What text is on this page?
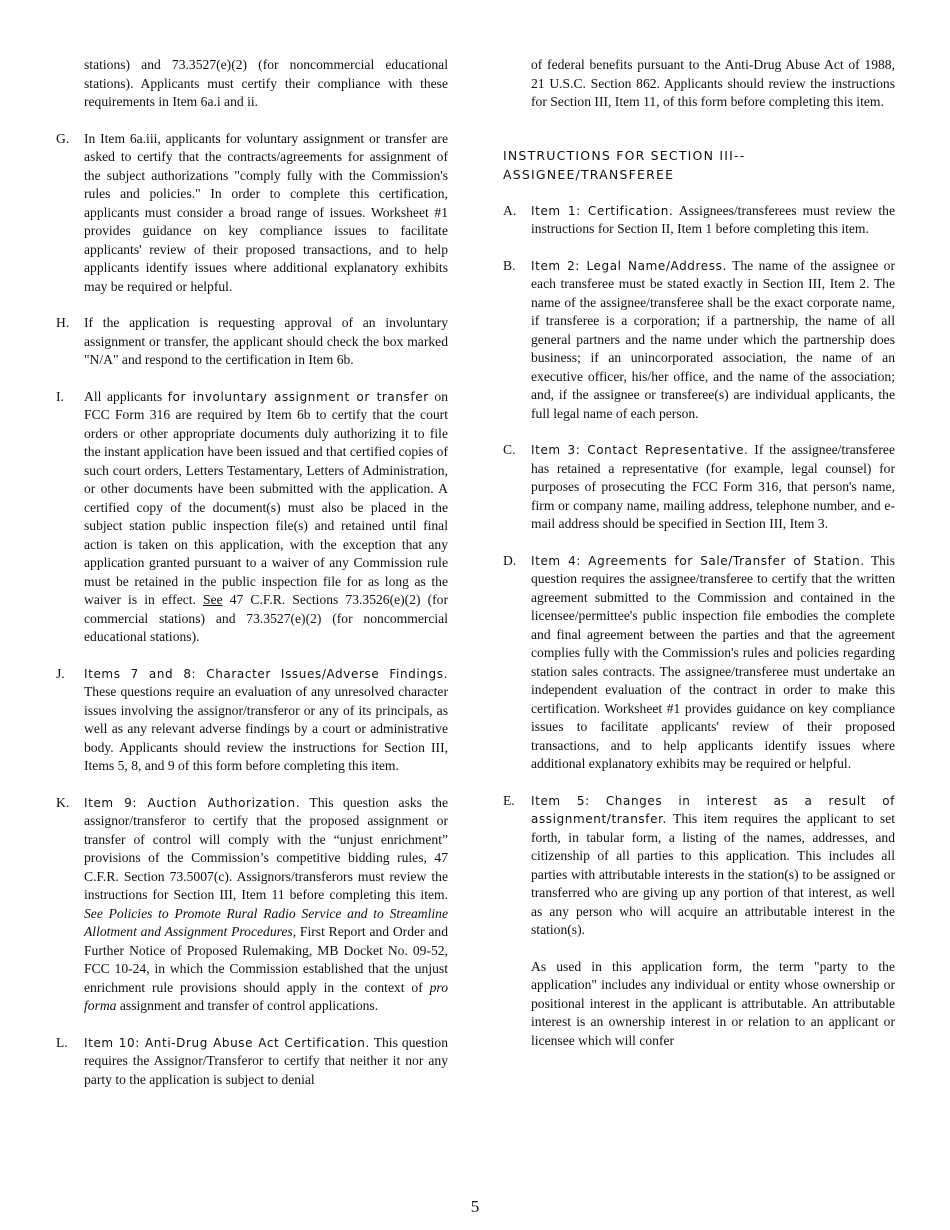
stations) and 73.3527(e)(2) (for noncommercial educational stations). Applicants must certify their compliance with these requirements in Item 6a.i and ii.
G. In Item 6a.iii, applicants for voluntary assignment or transfer are asked to certify that the contracts/agreements for assignment of the subject authorizations "comply fully with the Commission's rules and policies." In order to complete this certification, applicants must consider a broad range of issues. Worksheet #1 provides guidance on key compliance issues to facilitate applicants' review of their proposed transactions, and to help applicants identify issues where additional explanatory exhibits may be required or helpful.
H. If the application is requesting approval of an involuntary assignment or transfer, the applicant should check the box marked "N/A" and respond to the certification in Item 6b.
I. All applicants for involuntary assignment or transfer on FCC Form 316 are required by Item 6b to certify that the court orders or other appropriate documents duly authorizing it to file the instant application have been issued and that certified copies of such court orders, Letters Testamentary, Letters of Administration, or other documents have been submitted with the application. A certified copy of the document(s) must also be placed in the subject station public inspection file(s) and retained until final action is taken on this application, with the exception that any application granted pursuant to a waiver of any Commission rule must be retained in the public inspection file for as long as the waiver is in effect. See 47 C.F.R. Sections 73.3526(e)(2) (for commercial stations) and 73.3527(e)(2) (for noncommercial educational stations).
J. Items 7 and 8: Character Issues/Adverse Findings. These questions require an evaluation of any unresolved character issues involving the assignor/transferor or any of its principals, as well as any relevant adverse findings by a court or administrative body. Applicants should review the instructions for Section III, Items 5, 8, and 9 of this form before completing this item.
K. Item 9: Auction Authorization. This question asks the assignor/transferor to certify that the proposed assignment or transfer of control will comply with the “unjust enrichment” provisions of the Commission’s competitive bidding rules, 47 C.F.R. Section 73.5007(c). Assignors/transferors must review the instructions for Section III, Item 11 before completing this item. See Policies to Promote Rural Radio Service and to Streamline Allotment and Assignment Procedures, First Report and Order and Further Notice of Proposed Rulemaking, MB Docket No. 09-52, FCC 10-24, in which the Commission established that the unjust enrichment rule provisions should apply in the context of pro forma assignment and transfer of control applications.
L. Item 10: Anti-Drug Abuse Act Certification. This question requires the Assignor/Transferor to certify that neither it nor any party to the application is subject to denial
of federal benefits pursuant to the Anti-Drug Abuse Act of 1988, 21 U.S.C. Section 862. Applicants should review the instructions for Section III, Item 11, of this form before completing this item.
INSTRUCTIONS FOR SECTION III--
ASSIGNEE/TRANSFEREE
A. Item 1: Certification. Assignees/transferees must review the instructions for Section II, Item 1 before completing this item.
B. Item 2: Legal Name/Address. The name of the assignee or each transferee must be stated exactly in Section III, Item 2. The name of the assignee/transferee shall be the exact corporate name, if transferee is a corporation; if a partnership, the name of all general partners and the name under which the partnership does business; if an unincorporated association, the name of an executive officer, his/her office, and the name of the association; and, if the assignee or transferee(s) are individual applicants, the full legal name of each person.
C. Item 3: Contact Representative. If the assignee/transferee has retained a representative (for example, legal counsel) for purposes of prosecuting the FCC Form 316, that person's name, firm or company name, mailing address, telephone number, and e-mail address should be specified in Section III, Item 3.
D. Item 4: Agreements for Sale/Transfer of Station. This question requires the assignee/transferee to certify that the written agreement submitted to the Commission and contained in the licensee/permittee's public inspection file embodies the complete and final agreement between the parties and that the agreement complies fully with the Commission's rules and policies regarding station sales contracts. The assignee/transferee must undertake an independent evaluation of the contract in order to make this certification. Worksheet #1 provides guidance on key compliance issues to facilitate applicants' review of their proposed transactions, and to help applicants identify issues where additional explanatory exhibits may be required or helpful.
E. Item 5: Changes in interest as a result of assignment/transfer. This item requires the applicant to set forth, in tabular form, a listing of the names, addresses, and citizenship of all parties to this application. This includes all parties with attributable interests in the station(s) to be assigned or transferred who are giving up any portion of that interest, as well as any person who will acquire an attributable interest in the station(s).
As used in this application form, the term "party to the application" includes any individual or entity whose ownership or positional interest in the applicant is attributable. An attributable interest is an ownership interest in or relation to an applicant or licensee which will confer
5
